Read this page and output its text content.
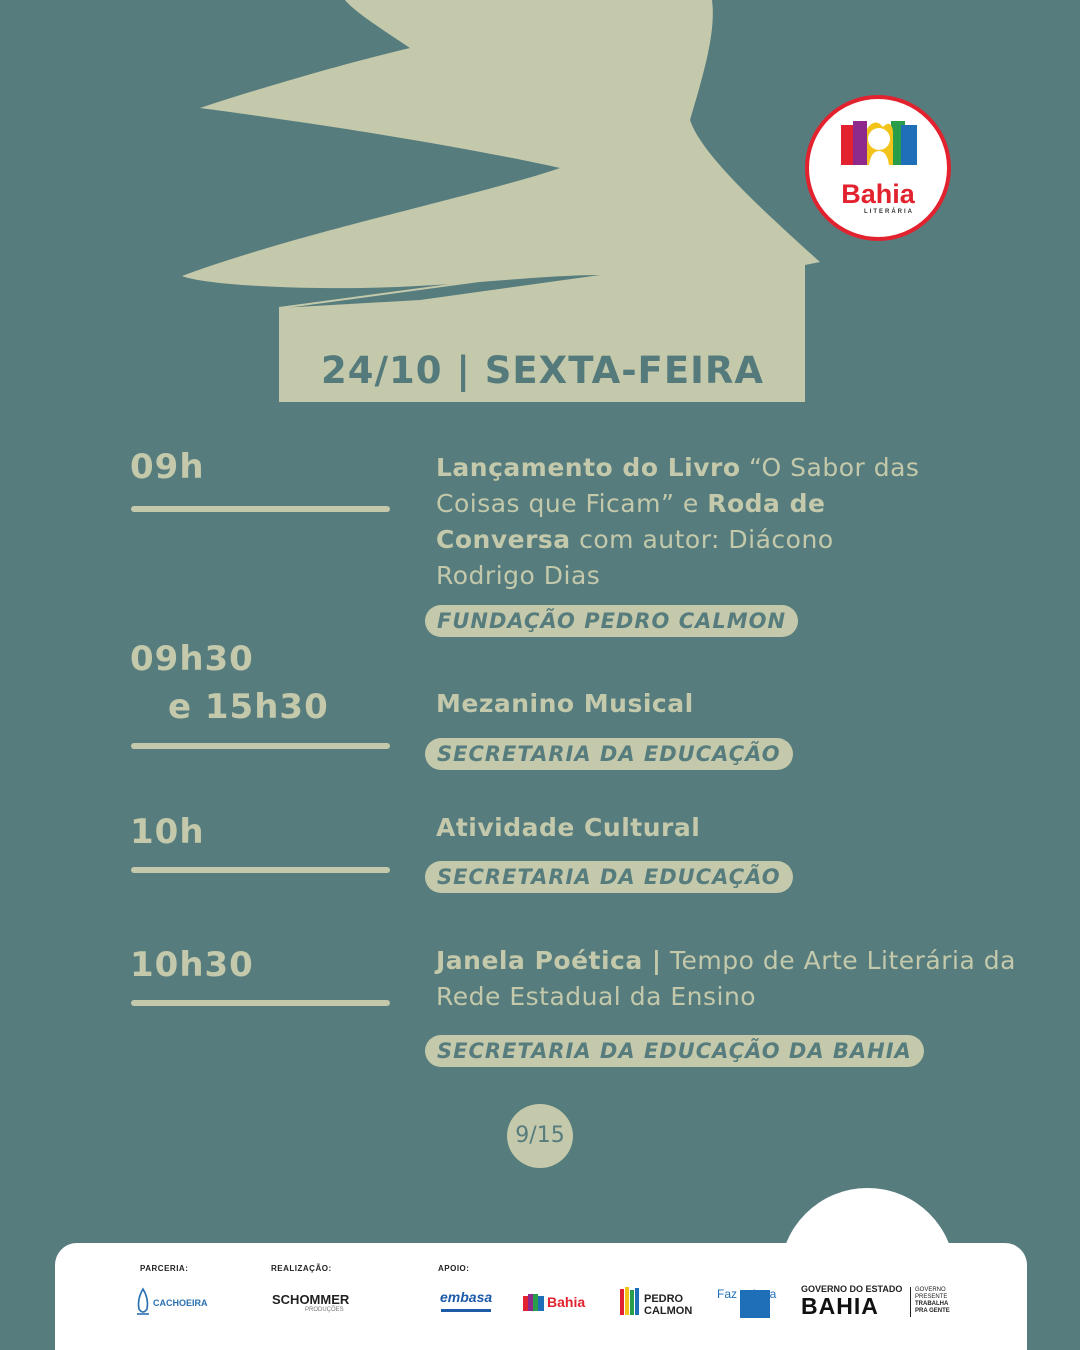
24/10 | SEXTA-FEIRA
Bahia
LITERÁRIA
09h	Lançamento do Livro “O Sabor das Coisas que Ficam” e Roda de Conversa com autor: Diácono Rodrigo Dias
FUNDAÇÃO PEDRO CALMON
09h30
e 15h30	Mezanino Musical
SECRETARIA DA EDUCAÇÃO
10h	Atividade Cultural
SECRETARIA DA EDUCAÇÃO
10h30	Janela Poética | Tempo de Arte Literária da Rede Estadual da Ensino
SECRETARIA DA EDUCAÇÃO DA BAHIA
9/15
PARCERIA:	REALIZAÇÃO:	APOIO:
CACHOEIRA	SCHOMMER
PRODUÇÕES
embasa	Bahia	PEDRO
CALMON
Faz cultura	GOVERNO DO ESTADO
BAHIA
GOVERNO
PRESENTE
TRABALHA
PRA GENTE
